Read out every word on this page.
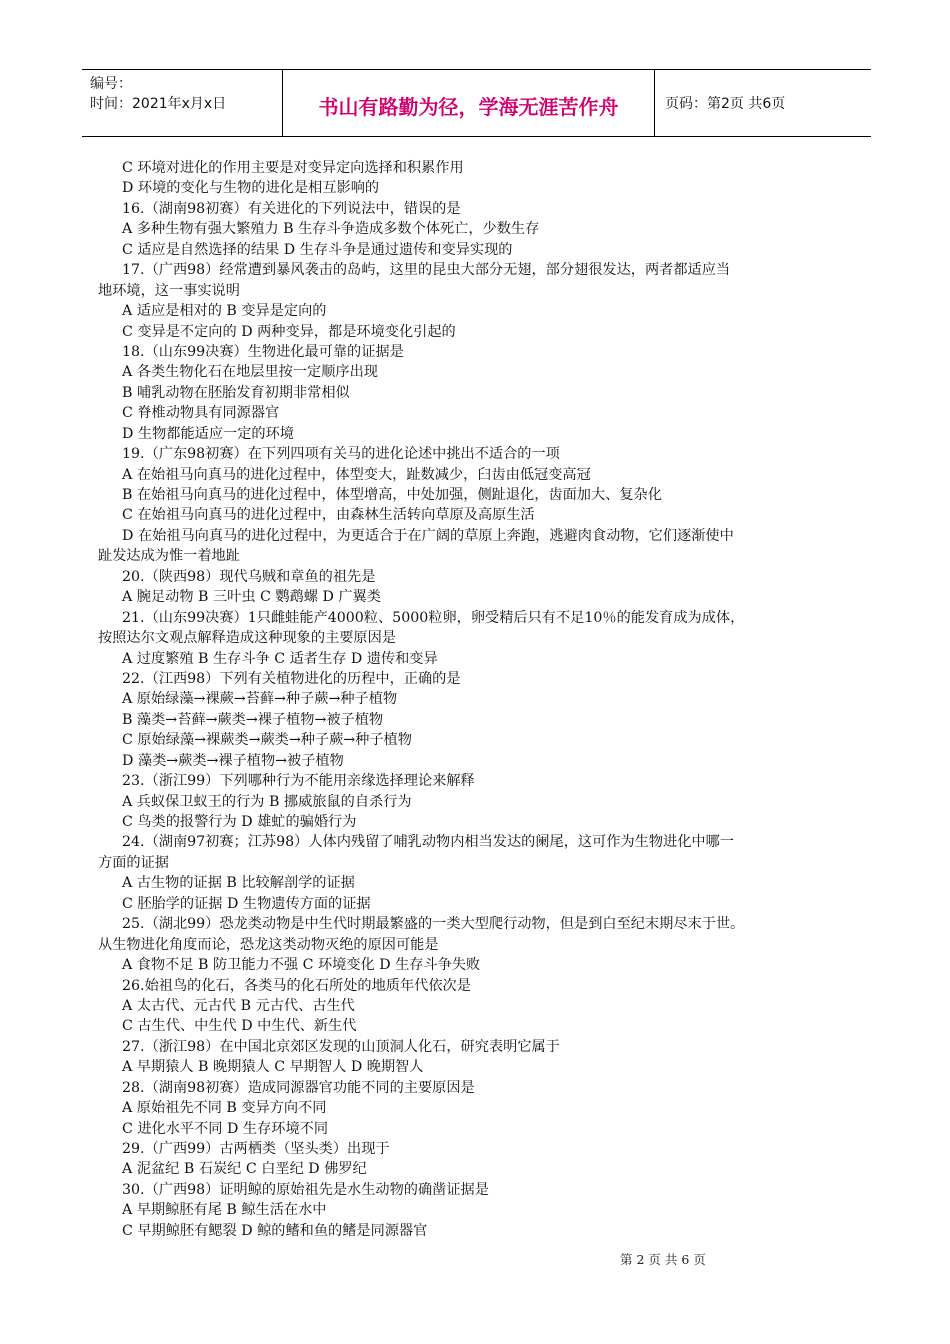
编号：
时间：2021年x月x日	书山有路勤为径，学海无涯苦作舟	页码：第2页 共6页
C 环境对进化的作用主要是对变异定向选择和积累作用
D 环境的变化与生物的进化是相互影响的
16.（湖南98初赛）有关进化的下列说法中，错误的是
A 多种生物有强大繁殖力 B 生存斗争造成多数个体死亡，少数生存
C 适应是自然选择的结果 D 生存斗争是通过遗传和变异实现的
17.（广西98）经常遭到暴风袭击的岛屿，这里的昆虫大部分无翅，部分翅很发达，两者都适应当
地环境，这一事实说明
A 适应是相对的 B 变异是定向的
C 变异是不定向的 D 两种变异，都是环境变化引起的
18.（山东99决赛）生物进化最可靠的证据是
A 各类生物化石在地层里按一定顺序出现
B 哺乳动物在胚胎发育初期非常相似
C 脊椎动物具有同源器官
D 生物都能适应一定的环境
19.（广东98初赛）在下列四项有关马的进化论述中挑出不适合的一项
A 在始祖马向真马的进化过程中，体型变大，趾数减少，臼齿由低冠变高冠
B 在始祖马向真马的进化过程中，体型增高，中处加强，侧趾退化，齿面加大、复杂化
C 在始祖马向真马的进化过程中，由森林生活转向草原及高原生活
D 在始祖马向真马的进化过程中，为更适合于在广阔的草原上奔跑，逃避肉食动物，它们逐渐使中
趾发达成为惟一着地趾
20.（陕西98）现代乌贼和章鱼的祖先是
A 腕足动物 B 三叶虫 C 鹦鹉螺 D 广翼类
21.（山东99决赛）1只雌蛙能产4000粒、5000粒卵，卵受精后只有不足10％的能发育成为成体，
按照达尔文观点解释造成这种现象的主要原因是
A 过度繁殖 B 生存斗争 C 适者生存 D 遗传和变异
22.（江西98）下列有关植物进化的历程中，正确的是
A 原始绿藻→裸蕨→苔藓→种子蕨→种子植物
B 藻类→苔藓→蕨类→裸子植物→被子植物
C 原始绿藻→裸蕨类→蕨类→种子蕨→种子植物
D 藻类→蕨类→裸子植物→被子植物
23.（浙江99）下列哪种行为不能用亲缘选择理论来解释
A 兵蚁保卫蚁王的行为 B 挪威旅鼠的自杀行为
C 鸟类的报警行为 D 雄虻的骗婚行为
24.（湖南97初赛；江苏98）人体内残留了哺乳动物内相当发达的阑尾，这可作为生物进化中哪一
方面的证据
A 古生物的证据 B 比较解剖学的证据
C 胚胎学的证据 D 生物遗传方面的证据
25.（湖北99）恐龙类动物是中生代时期最繁盛的一类大型爬行动物，但是到白至纪末期尽末于世。
从生物进化角度而论，恐龙这类动物灭绝的原因可能是
A 食物不足 B 防卫能力不强 C 环境变化 D 生存斗争失败
26.始祖鸟的化石，各类马的化石所处的地质年代依次是
A 太古代、元古代 B 元古代、古生代
C 古生代、中生代 D 中生代、新生代
27.（浙江98）在中国北京郊区发现的山顶洞人化石，研究表明它属于
A 早期猿人 B 晚期猿人 C 早期智人 D 晚期智人
28.（湖南98初赛）造成同源器官功能不同的主要原因是
A 原始祖先不同 B 变异方向不同
C 进化水平不同 D 生存环境不同
29.（广西99）古两栖类（坚头类）出现于
A 泥盆纪 B 石炭纪 C 白垩纪 D 佛罗纪
30.（广西98）证明鲸的原始祖先是水生动物的确凿证据是
A 早期鲸胚有尾 B 鲸生活在水中
C 早期鲸胚有鳃裂 D 鲸的鳍和鱼的鳍是同源器官
第 2 页 共 6 页
